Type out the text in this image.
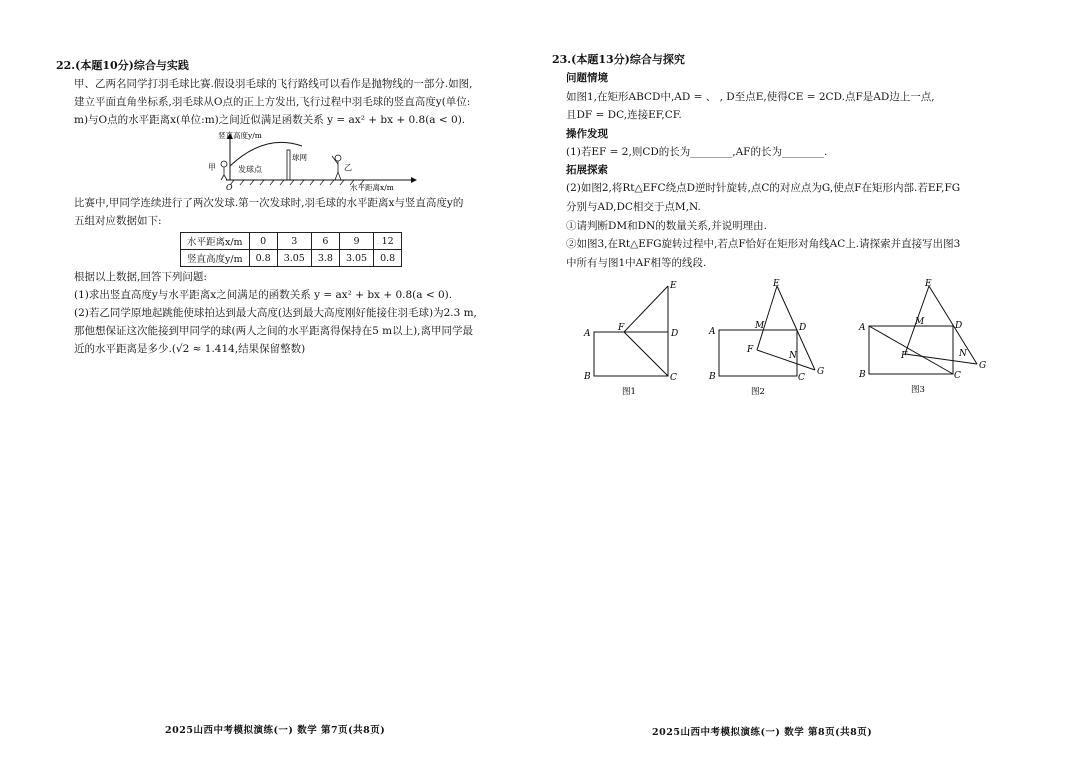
22.(本题10分)综合与实践
甲、乙两名同学打羽毛球比赛.假设羽毛球的飞行路线可以看作是抛物线的一部分.如图,
建立平面直角坐标系,羽毛球从O点的正上方发出,飞行过程中羽毛球的竖直高度y(单位:
m)与O点的水平距离x(单位:m)之间近似满足函数关系 y = ax² + bx + 0.8(a < 0).
竖直高度y/m
水平距离x/m
甲	乙
发球点
球网
O
比赛中,甲同学连续进行了两次发球.第一次发球时,羽毛球的水平距离x与竖直高度y的
五组对应数据如下:
水平距离x/m	0	3	6	9	12
竖直高度y/m	0.8	3.05	3.8	3.05	0.8
根据以上数据,回答下列问题:
(1)求出竖直高度y与水平距离x之间满足的函数关系 y = ax² + bx + 0.8(a < 0).
(2)若乙同学原地起跳能使球拍达到最大高度(达到最大高度刚好能接住羽毛球)为2.3 m,
那他想保证这次能接到甲同学的球(两人之间的水平距离得保持在5 m以上),离甲同学最
近的水平距离是多少.(√2 ≈ 1.414,结果保留整数)
2025山西中考模拟演练(一) 数学 第7页(共8页)
23.(本题13分)综合与探究
问题情境
如图1,在矩形ABCD中,AD = 、 , D至点E,使得CE = 2CD.点F是AD边上一点,
且DF = DC,连接EF,CF.
操作发现
(1)若EF = 2,则CD的长为________,AF的长为________.
拓展探索
(2)如图2,将Rt△EFC绕点D逆时针旋转,点C的对应点为G,使点F在矩形内部.若EF,FG
分别与AD,DC相交于点M,N.
①请判断DM和DN的数量关系,并说明理由.
②如图3,在Rt△EFG旋转过程中,若点F恰好在矩形对角线AC上.请探索并直接写出图3
中所有与图1中AF相等的线段.
A
B	C
D
E
F
图1
A
B	C
D
E
F
M
N
G
图2
A
B	C
D
E
F
M
N
G
图3
2025山西中考模拟演练(一) 数学 第8页(共8页)
